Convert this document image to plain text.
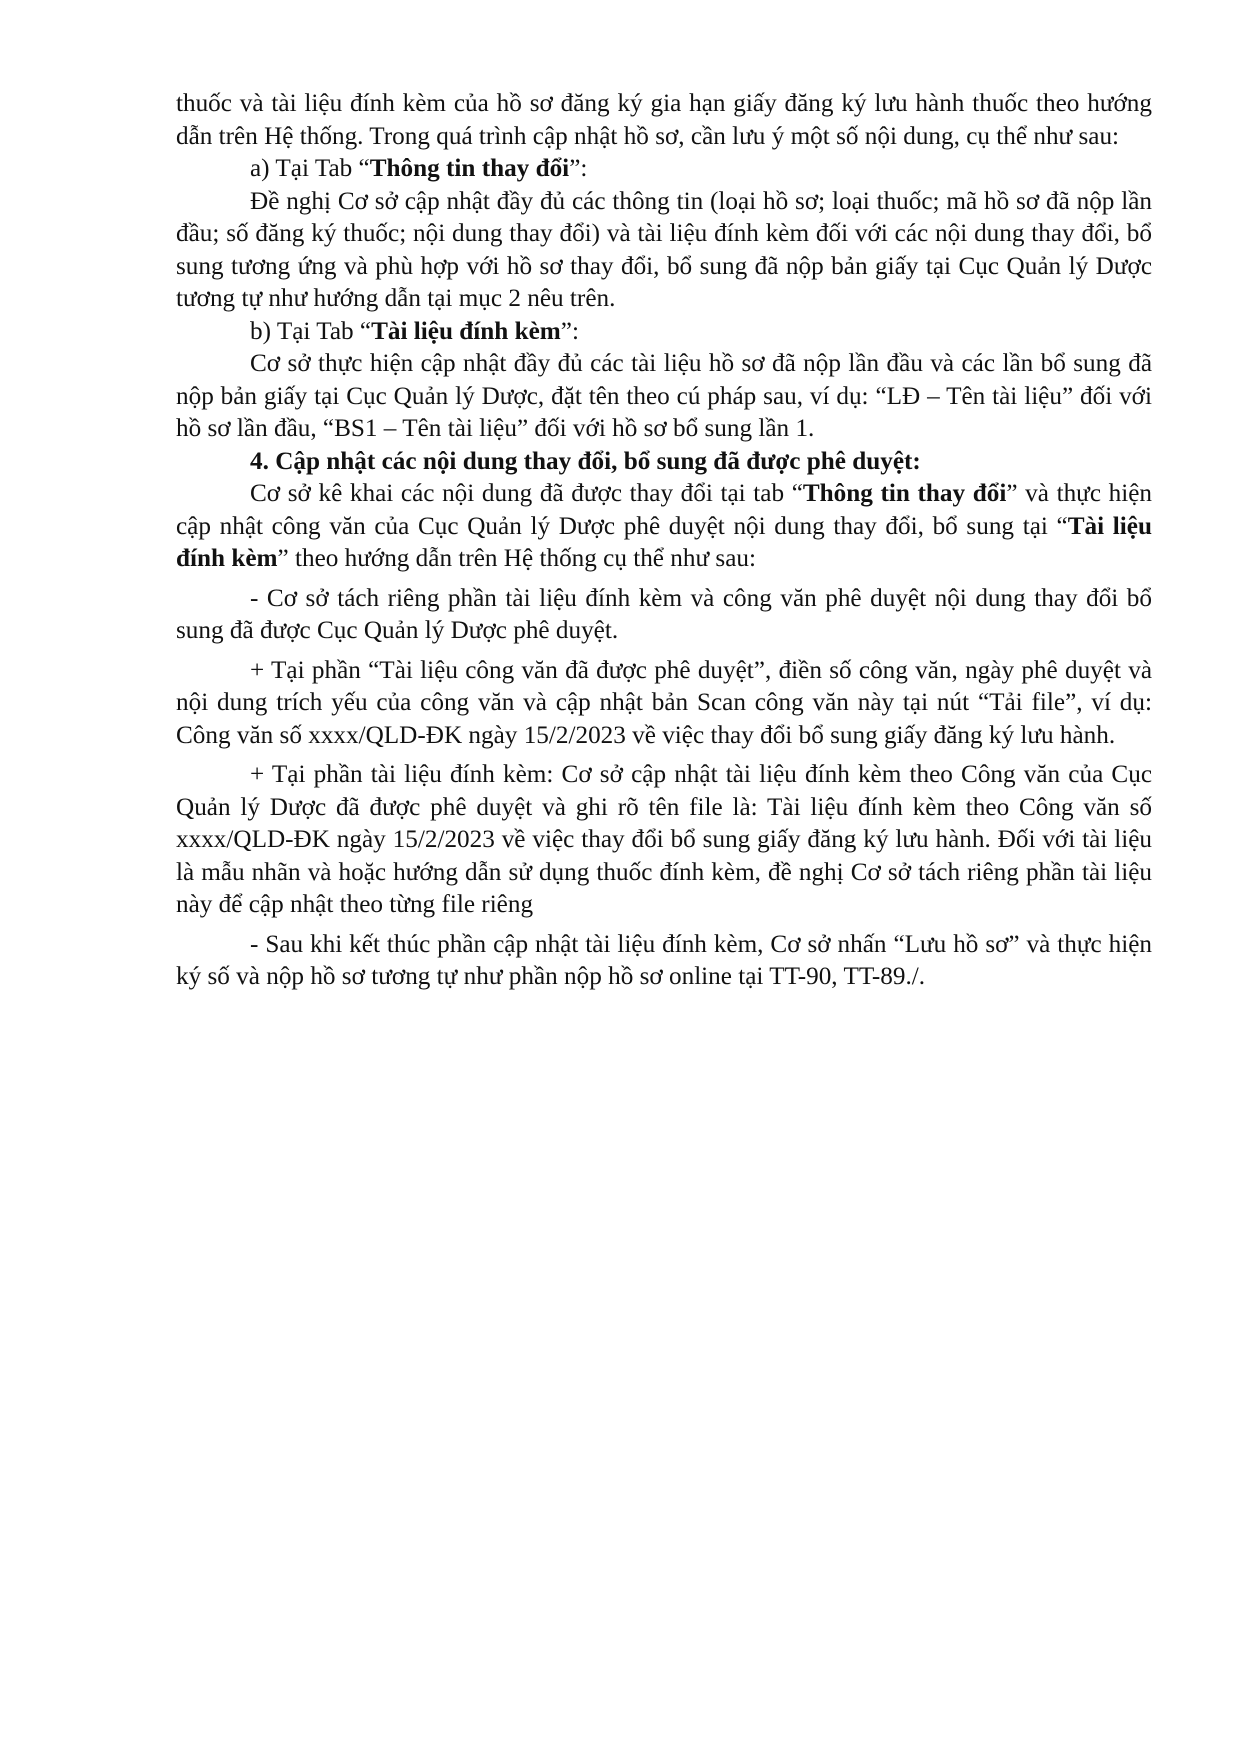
thuốc và tài liệu đính kèm của hồ sơ đăng ký gia hạn giấy đăng ký lưu hành thuốc theo hướng dẫn trên Hệ thống. Trong quá trình cập nhật hồ sơ, cần lưu ý một số nội dung, cụ thể như sau:

a) Tại Tab “Thông tin thay đổi”:

Đề nghị Cơ sở cập nhật đầy đủ các thông tin (loại hồ sơ; loại thuốc; mã hồ sơ đã nộp lần đầu; số đăng ký thuốc; nội dung thay đổi) và tài liệu đính kèm đối với các nội dung thay đổi, bổ sung tương ứng và phù hợp với hồ sơ thay đổi, bổ sung đã nộp bản giấy tại Cục Quản lý Dược tương tự như hướng dẫn tại mục 2 nêu trên.

b) Tại Tab “Tài liệu đính kèm”:

Cơ sở thực hiện cập nhật đầy đủ các tài liệu hồ sơ đã nộp lần đầu và các lần bổ sung đã nộp bản giấy tại Cục Quản lý Dược, đặt tên theo cú pháp sau, ví dụ: “LĐ – Tên tài liệu” đối với hồ sơ lần đầu, “BS1 – Tên tài liệu” đối với hồ sơ bổ sung lần 1.

4. Cập nhật các nội dung thay đổi, bổ sung đã được phê duyệt:

Cơ sở kê khai các nội dung đã được thay đổi tại tab “Thông tin thay đổi” và thực hiện cập nhật công văn của Cục Quản lý Dược phê duyệt nội dung thay đổi, bổ sung tại “Tài liệu đính kèm” theo hướng dẫn trên Hệ thống cụ thể như sau:

- Cơ sở tách riêng phần tài liệu đính kèm và công văn phê duyệt nội dung thay đổi bổ sung đã được Cục Quản lý Dược phê duyệt.

+ Tại phần “Tài liệu công văn đã được phê duyệt”, điền số công văn, ngày phê duyệt và nội dung trích yếu của công văn và cập nhật bản Scan công văn này tại nút “Tải file”, ví dụ: Công văn số xxxx/QLD-ĐK ngày 15/2/2023 về việc thay đổi bổ sung giấy đăng ký lưu hành.

+ Tại phần tài liệu đính kèm: Cơ sở cập nhật tài liệu đính kèm theo Công văn của Cục Quản lý Dược đã được phê duyệt và ghi rõ tên file là: Tài liệu đính kèm theo Công văn số xxxx/QLD-ĐK ngày 15/2/2023 về việc thay đổi bổ sung giấy đăng ký lưu hành. Đối với tài liệu là mẫu nhãn và hoặc hướng dẫn sử dụng thuốc đính kèm, đề nghị Cơ sở tách riêng phần tài liệu này để cập nhật theo từng file riêng

- Sau khi kết thúc phần cập nhật tài liệu đính kèm, Cơ sở nhấn “Lưu hồ sơ” và thực hiện ký số và nộp hồ sơ tương tự như phần nộp hồ sơ online tại TT-90, TT-89./.
